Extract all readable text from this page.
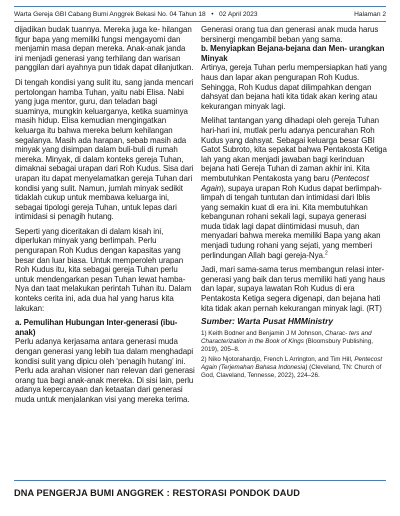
Warta Gereja GBI Cabang Bumi Anggrek Bekasi No. 04 Tahun 18 • 02 April 2023	Halaman 2

dijadikan budak tuannya. Mereka juga ke- hilangan figur bapa yang memiliki fungsi mengayomi dan menjamin masa depan mereka. Anak-anak janda ini menjadi generasi yang terhilang dan warisan panggilan dari ayahnya pun tidak dapat dilanjutkan.

Di tengah kondisi yang sulit itu, sang janda mencari pertolongan hamba Tuhan, yaitu nabi Elisa. Nabi yang juga mentor, guru, dan teladan bagi suaminya, mungkin keluarganya, ketika suaminya masih hidup. Elisa kemudian mengingatkan keluarga itu bahwa mereka belum kehilangan segalanya. Masih ada harapan, sebab masih ada minyak yang disimpan dalam buli-buli di rumah mereka. Minyak, di dalam konteks gereja Tuhan, dimaknai sebagai urapan dari Roh Kudus. Sisa dari urapan itu dapat menyelamatkan gereja Tuhan dari kondisi yang sulit. Namun, jumlah minyak sedikit tidaklah cukup untuk membawa keluarga ini, sebagai tipologi gereja Tuhan, untuk lepas dari intimidasi si penagih hutang.

Seperti yang diceritakan di dalam kisah ini, diperlukan minyak yang berlimpah. Perlu pengurapan Roh Kudus dengan kapasitas yang besar dan luar biasa. Untuk memperoleh urapan Roh Kudus itu, kita sebagai gereja Tuhan perlu untuk mendengarkan pesan Tuhan lewat hamba- Nya dan taat melakukan perintah Tuhan itu. Dalam konteks cerita ini, ada dua hal yang harus kita lakukan:

a. Pemulihan Hubungan Inter-generasi (ibu-anak)

Perlu adanya kerjasama antara generasi muda dengan generasi yang lebih tua dalam menghadapi kondisi sulit yang dipicu oleh ‘penagih hutang’ ini. Perlu ada arahan visioner nan relevan dari generasi orang tua bagi anak-anak mereka. Di sisi lain, perlu adanya kepercayaan dan ketaatan dari generasi muda untuk menjalankan visi yang mereka terima.

Generasi orang tua dan generasi anak muda harus bersinergi mengambil beban yang sama.

b. Menyiapkan Bejana-bejana dan Men- urangkan Minyak

Artinya, gereja Tuhan perlu mempersiapkan hati yang haus dan lapar akan pengurapan Roh Kudus. Sehingga, Roh Kudus dapat dilimpahkan dengan dahsyat dan bejana hati kita tidak akan kering atau kekurangan minyak lagi.

Melihat tantangan yang dihadapi oleh gereja Tuhan hari-hari ini, mutlak perlu adanya pencurahan Roh Kudus yang dahsyat. Sebagai keluarga besar GBI Gatot Subroto, kita sepakat bahwa Pentakosta Ketiga lah yang akan menjadi jawaban bagi kerinduan bejana hati Gereja Tuhan di zaman akhir ini. Kita membutuhkan Pentakosta yang baru (Pentecost Again), supaya urapan Roh Kudus dapat berlimpah-limpah di tengah tuntutan dan intimidasi dari Iblis yang semakin kuat di era ini. Kita membutuhkan kebangunan rohani sekali lagi, supaya generasi muda tidak lagi dapat diintimidasi musuh, dan menyadari bahwa mereka memiliki Bapa yang akan menjadi tudung rohani yang sejati, yang memberi perlindungan Allah bagi gereja-Nya.$^2$

Jadi, mari sama-sama terus membangun relasi inter-generasi yang baik dan terus memiliki hati yang haus dan lapar, supaya lawatan Roh Kudus di era Pentakosta Ketiga segera digenapi, dan bejana hati kita tidak akan pernah kekurangan minyak lagi. (RT)

Sumber: Warta Pusat HMMinistry

1) Keith Bodner and Benjamin J M Johnson, Charac- ters and Characterization in the Book of Kings (Bloomsbury Publishing, 2019), 205–8.

2) Niko Njotorahardjo, French L Arrington, and Tim Hill, Pentecost Again (Terjemahan Bahasa Indonesia) (Cleveland, TN: Church of God, Claveland, Tennesse, 2022), 224–26.

DNA PENGERJA BUMI ANGGREK : RESTORASI PONDOK DAUD
